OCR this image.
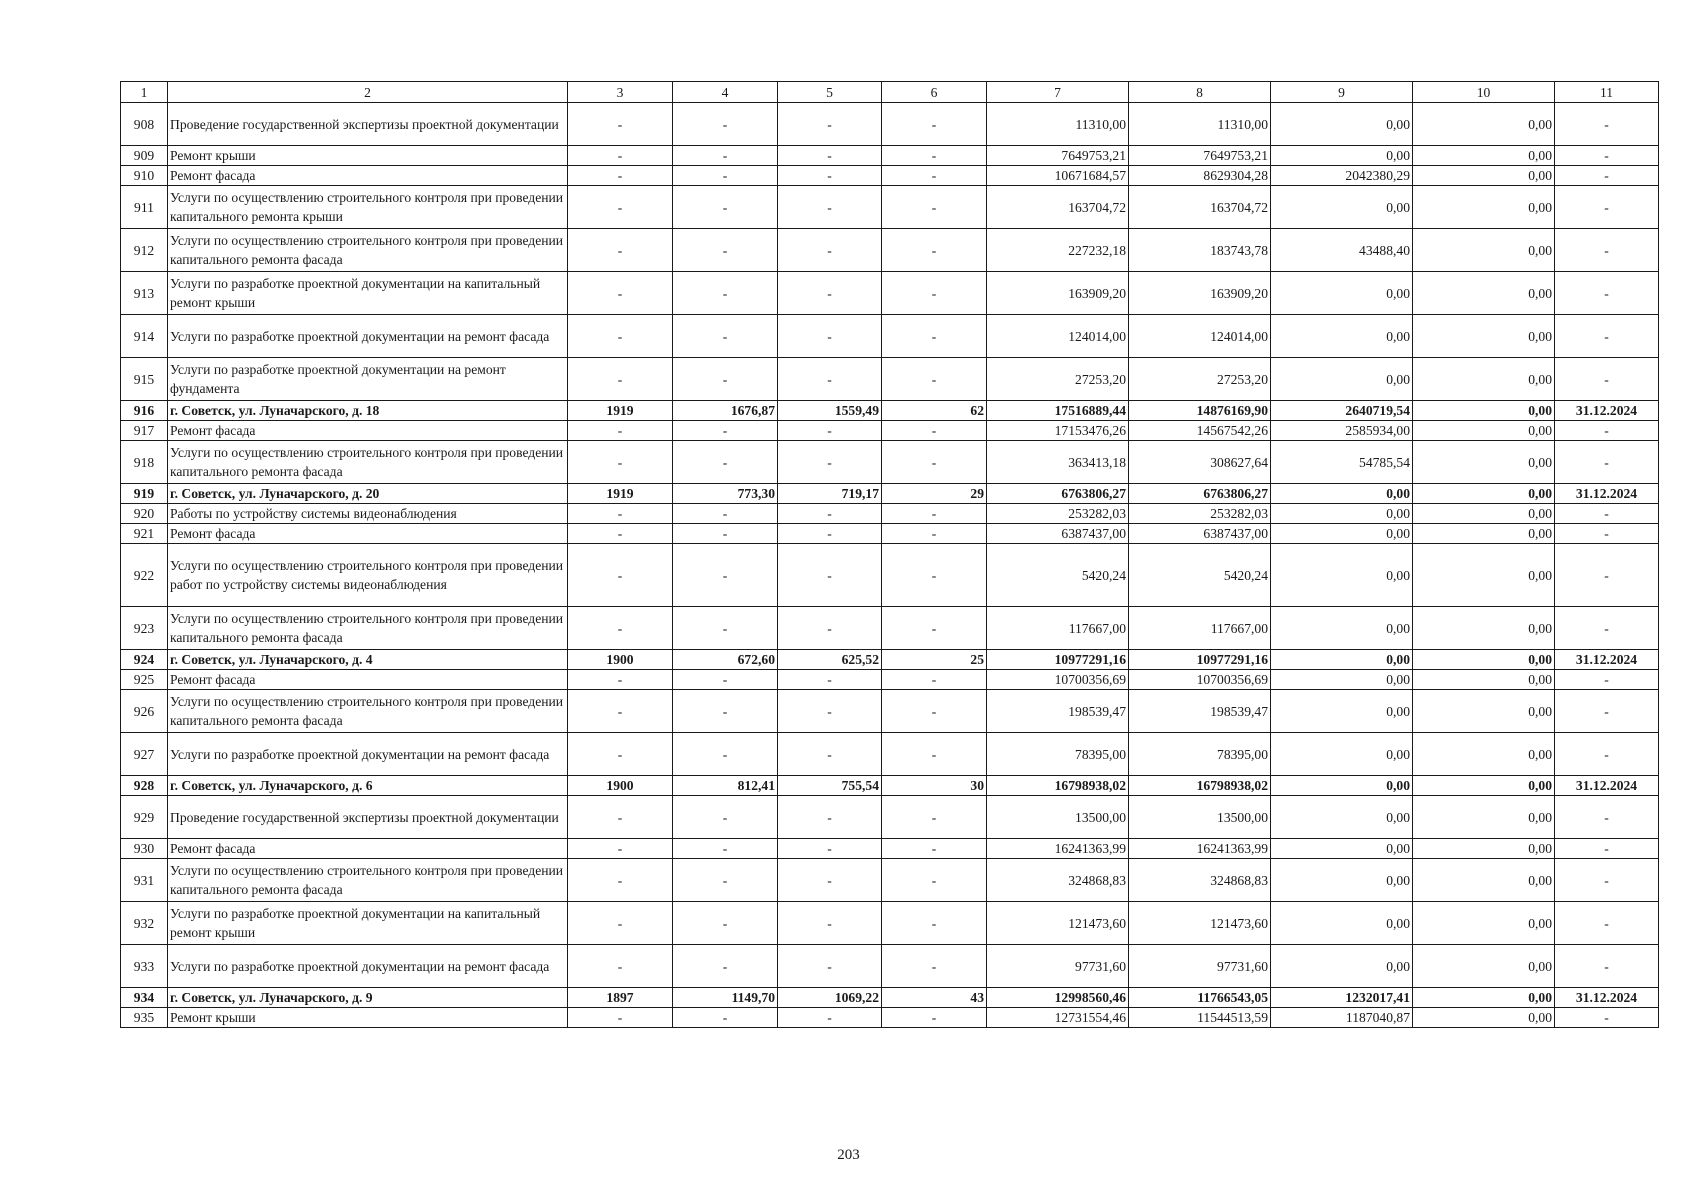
1	2	3	4	5	6	7	8	9	10	11
908	Проведение государственной экспертизы проектной документации	-	-	-	-	11310,00	11310,00	0,00	0,00	-
909	Ремонт крыши	-	-	-	-	7649753,21	7649753,21	0,00	0,00	-
910	Ремонт фасада	-	-	-	-	10671684,57	8629304,28	2042380,29	0,00	-
911	Услуги по осуществлению строительного контроля при проведении капитального ремонта крыши	-	-	-	-	163704,72	163704,72	0,00	0,00	-
912	Услуги по осуществлению строительного контроля при проведении капитального ремонта фасада	-	-	-	-	227232,18	183743,78	43488,40	0,00	-
913	Услуги по разработке проектной документации на капитальный ремонт крыши	-	-	-	-	163909,20	163909,20	0,00	0,00	-
914	Услуги по разработке проектной документации на ремонт фасада	-	-	-	-	124014,00	124014,00	0,00	0,00	-
915	Услуги по разработке проектной документации на ремонт фундамента	-	-	-	-	27253,20	27253,20	0,00	0,00	-
916	г. Советск, ул. Луначарского, д. 18	1919	1676,87	1559,49	62	17516889,44	14876169,90	2640719,54	0,00	31.12.2024
917	Ремонт фасада	-	-	-	-	17153476,26	14567542,26	2585934,00	0,00	-
918	Услуги по осуществлению строительного контроля при проведении капитального ремонта фасада	-	-	-	-	363413,18	308627,64	54785,54	0,00	-
919	г. Советск, ул. Луначарского, д. 20	1919	773,30	719,17	29	6763806,27	6763806,27	0,00	0,00	31.12.2024
920	Работы по устройству системы видеонаблюдения	-	-	-	-	253282,03	253282,03	0,00	0,00	-
921	Ремонт фасада	-	-	-	-	6387437,00	6387437,00	0,00	0,00	-
922	Услуги по осуществлению строительного контроля при проведении работ по устройству системы видеонаблюдения	-	-	-	-	5420,24	5420,24	0,00	0,00	-
923	Услуги по осуществлению строительного контроля при проведении капитального ремонта фасада	-	-	-	-	117667,00	117667,00	0,00	0,00	-
924	г. Советск, ул. Луначарского, д. 4	1900	672,60	625,52	25	10977291,16	10977291,16	0,00	0,00	31.12.2024
925	Ремонт фасада	-	-	-	-	10700356,69	10700356,69	0,00	0,00	-
926	Услуги по осуществлению строительного контроля при проведении капитального ремонта фасада	-	-	-	-	198539,47	198539,47	0,00	0,00	-
927	Услуги по разработке проектной документации на ремонт фасада	-	-	-	-	78395,00	78395,00	0,00	0,00	-
928	г. Советск, ул. Луначарского, д. 6	1900	812,41	755,54	30	16798938,02	16798938,02	0,00	0,00	31.12.2024
929	Проведение государственной экспертизы проектной документации	-	-	-	-	13500,00	13500,00	0,00	0,00	-
930	Ремонт фасада	-	-	-	-	16241363,99	16241363,99	0,00	0,00	-
931	Услуги по осуществлению строительного контроля при проведении капитального ремонта фасада	-	-	-	-	324868,83	324868,83	0,00	0,00	-
932	Услуги по разработке проектной документации на капитальный ремонт крыши	-	-	-	-	121473,60	121473,60	0,00	0,00	-
933	Услуги по разработке проектной документации на ремонт фасада	-	-	-	-	97731,60	97731,60	0,00	0,00	-
934	г. Советск, ул. Луначарского, д. 9	1897	1149,70	1069,22	43	12998560,46	11766543,05	1232017,41	0,00	31.12.2024
935	Ремонт крыши	-	-	-	-	12731554,46	11544513,59	1187040,87	0,00	-
203
